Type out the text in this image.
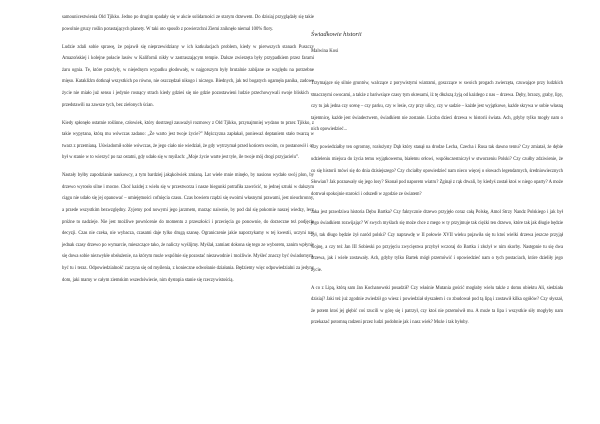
samounicestwienia Old Tjikko. Jedno po drugim spadały się w akcie solidarności ze starym drzewem. Do dzisiaj przyglądały się takie powolnie gruzy roślin porastających planety. W taki oto sposób z powierzchni Ziemi zniknęło niemal 100% flory.

Ludzie zdali sobie sprawę, że pojawił się nieprzewidziany w ich katkulacjach problem, kiedy w pierwszych stanach Puszczy Amazońskiej i kolejne połacie lasów w Kalifornii nikły w zastraszającym tempie. Dalsze zwierzęta były przypadkiem przez farami żaru ognia. Te, które przeżyły, w niejednym wypadku głodowały, w najgorszym były brutalnie zabijane ze względu na potrzebne mięso. Katakliźm dotknął wszystkich po równo, nie oszczędzał nikogo i niczego. Biednych, jak też bogatych ogarnęła panika, zadowe życie nie miało już sensu i jedynie rosnący strach kiedy gdzieś się nie gdzie pozostawieni ludzie przechowywali swoje bliskich ... przedstawili na zawsze tych, bez zielonych ścian.

Kiedy spłonęło ostatnie roślinne, człowiek, który dostrzegł zauważył rozmowy z Old Tjikko, przynajmniej wydano to przez Tjikko, z takie wypytana, którą mu wówczas zadano: „Że warto jest twoje życie?” Mężczyzna zapłakał, ponieważ deptaniem stało twarzą w twarz z przemianą. Uświadomił sobie wówczas, że jego ciało nie wiedział, że gdy wytrzymał przed końcem swoim, co postanowił i co był w stanie w to wierzyć po raz ostatni, gdy udało się w myślach: „Moje życie warte jest tyle, ile twoje mój drogi przyjacielu”.

Nastały byłby zapodzianie naukowcy, a tym bardziej jakąkolwiek zmianą. Lat wiele mnie minęło, by nasiono wydało swój plon, by drzewo wyrosło silne i mocne. Choć każdej z wielu się w przestworza i nasze biegunki potrafiła zawrócić, to jednej sztuki w dalszym ciągu nie udało się jej opanować – umiejętności cofnięcia czasu. Czas bowiem rządzi się swoimi własnymi prawami, jest nieuchronny, a przede wszystkim bezwzględny. Zyjemy pod nowymi jego jarzmem, marząc naiwnie, by pod dal się pokornie naszej wiedzy, lecz próżne to nadzieje. Nie jest możliwe powrócenie do momentu z przeszłości i przecięcia go ponownie, do dorzeczne też podjęcie decyzji. Czas nie czeka, nie wybacza, czasami daje tylko drugą szansę. Ograniczenie jakie naporzykamy w tej kwestii, uczyni nas jednak czasy drzewo po wymarcie, mieszczące tako, że naliczy wyślijmy. Myślał, zamiast dokona się tego ze wyborem, zanim wpłynie się dowa sobie niezwykłe obsłużenie, na którym może wspólnie się pozostać niezawodnie i możliwie. Myśleć znaczy być świadomym, być tu i teraz. Odpowiedzialność zaczyna się od myślenia, z konieczne odwołanie działania. Będziemy więc odpowiedzialni za jedyny dom, jaki mamy w całym ziemskim wszechświecie, nim dystopia stanie się rzeczywistością.

Świadkowie historii
Malwina Kosi

Trzymające się silnie gruntów, walczące z porywistymi wiatrami, goszczące w swoich progach zwierzęta, czuwające przy ludzkich smacznymi owocami, a także z bariwsiące czasy tym okresami, iż tę dłuższą żyją od każdego z nas – drzewa. Dęby, brzozy, graby, lipy, czy tu jak jedna czy scenę – czy parku, czy w lesie, czy przy ulicy, czy w sadzie – każde jest wyjątkowe, każde skrywa w sobie własną tajemnicę, każde jest świadectwem, świadkiem nie zostanie. Liczba dzieci drzewa w historii świata. Ach, gdyby tylko mogły nam o nich opowiedzieć...

Czy powiedziałby ten ogromny, rozłożysty Dąb który stanął na drodze Lecha, Czecha i Rusa tak dawno temu? Czy zmiatał, że dębie udzieleniu miejsca do życia temu wyjątkowemu, białemu orłowi, współuczestniczył w stworzeniu Polski? Czy czułby zdziwienie, że co się historii mówi się do dnia dzisiejszego? Czy chciałby opowiedzieć nam nieco więcej o słowach legendarnych, średniowiecznych Słowian? Jak poznawały się jego losy? Skonał pod naporem wiatru? Zginął z rąk drwali, by kiedyś został ktoś w niego oparty? A może dotrwał spokojnie starości i odszedł w zgodzie ze światem?

Jaka jest prawdziwa historia Dębu Bartka? Czy faktycznie drzewo przyjęło coraz całą Polskę, Amol Strzy Nandz Polskiego i jak był jego świadkiem rozwijając? W swych myślach się może chce z mego w ty przyjmuje tak ciężki ten drzewo, które tak jak długie będzie żył, tak długo będzie żył naród polski? Czy naprawdę w II połowie XVII wieku pojawiła się tu ktoś wielki drzewa jeszcze przyjął wojnę, a czy też Jan III Sobieski po przyjęciu zwycięstwa przybył wczoraj do Bartka i złożył w nim skorby. Następnie tu się dwa drzewa, jak i wiele zostawały. Ach, gdyby tylko Bartek mógł przemówić i opowiedzieć nam o tych postaciach, które dzieliły jego życie.

A co z Lipą, którą sam Jan Kochanowski posadził? Czy właśnie Mutania gościć mogłaby wielu także z domu obiektu Ali, siedziała dzisiaj? Jaki też już zgodnie zwiedził go wiesz i powiedział słyszałem i co zbudował pod tą lipą i zostawił kilka ogółów? Czy słyszał, że potem ktoś jej głębić coś rzucili w górę się i patrzył, czy ktoś nie przemówił mu. A może ta lipa i wszystkie siły mogłyby nam przekazać potomną radzeni przez ludzi podobnie jak i nasz wiek? Może i tak byłoby.
